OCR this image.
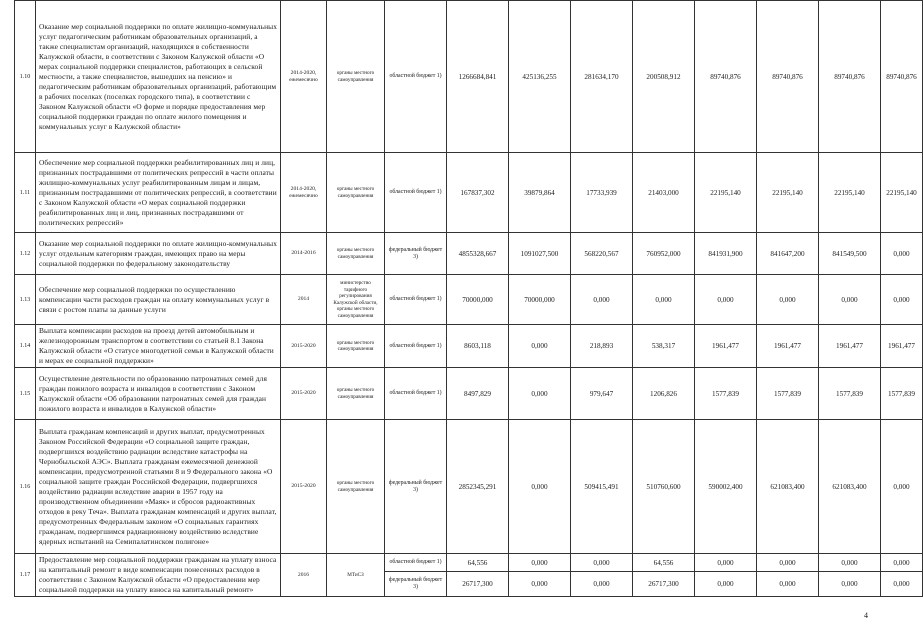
1.10	Оказание мер социальной поддержки по оплате жилищно-коммунальных услуг педагогическим работникам образовательных организаций, а также специалистам организаций, находящихся в собственности Калужской области, в соответствии с Законом Калужской области «О мерах социальной поддержки специалистов, работающих в сельской местности, а также специалистов, вышедших на пенсию» и педагогическим работникам образовательных организаций, работающим в рабочих поселках (поселках городского типа), в соответствии с Законом Калужской области «О форме и порядке предоставления мер социальной поддержки граждан по оплате жилого помещения и коммунальных услуг в Калужской области»	2014-2020, ежемесячно	органы местного самоуправления	областной бюджет 1)	1266684,841	425136,255	281634,170	200508,912	89740,876	89740,876	89740,876	89740,876
1.11	Обеспечение мер социальной поддержки реабилитированных лиц и лиц, признанных пострадавшими от политических репрессий в части оплаты жилищно-коммунальных услуг реабилитированным лицам и лицам, признанным пострадавшими от политических репрессий, в соответствии с Законом Калужской области «О мерах социальной поддержки реабилитированных лиц и лиц, признанных пострадавшими от политических репрессий»	2014-2020, ежемесячно	органы местного самоуправления	областной бюджет 1)	167837,302	39879,864	17733,939	21403,000	22195,140	22195,140	22195,140	22195,140
1.12	Оказание мер социальной поддержки по оплате жилищно-коммунальных услуг отдельным категориям граждан, имеющих право на меры социальной поддержки по федеральному законодательству	2014-2016	органы местного самоуправления	федеральный бюджет 3)	4855328,667	1091027,500	568220,567	760952,000	841931,900	841647,200	841549,500	0,000
1.13	Обеспечение мер социальной поддержки по осуществлению компенсации части расходов граждан на оплату коммунальных услуг в связи с ростом платы за данные услуги	2014	министерство тарифного регулирования Калужской области, органы местного самоуправления	областной бюджет 1)	70000,000	70000,000	0,000	0,000	0,000	0,000	0,000	0,000
1.14	Выплата компенсации расходов на проезд детей автомобильным и железнодорожным транспортом в соответствии со статьей 8.1 Закона Калужской области «О статусе многодетной семьи в Калужской области и мерах ее социальной поддержки»	2015-2020	органы местного самоуправления	областной бюджет 1)	8603,118	0,000	218,893	538,317	1961,477	1961,477	1961,477	1961,477
1.15	Осуществление деятельности по образованию патронатных семей для граждан пожилого возраста и инвалидов в соответствии с Законом Калужской области «Об образовании патронатных семей для граждан пожилого возраста и инвалидов в Калужской области»	2015-2020	органы местного самоуправления	областной бюджет 1)	8497,829	0,000	979,647	1206,826	1577,839	1577,839	1577,839	1577,839
1.16	Выплата гражданам компенсаций и других выплат, предусмотренных Законом Российской Федерации «О социальной защите граждан, подвергшихся воздействию радиации вследствие катастрофы на Чернобыльской АЭС». Выплата гражданам ежемесячной денежной компенсации, предусмотренной статьями 8 и 9 Федерального закона «О социальной защите граждан Российской Федерации, подвергшихся воздействию радиации вследствие аварии в 1957 году на производственном объединении «Маяк» и сбросов радиоактивных отходов в реку Теча». Выплата гражданам компенсаций и других выплат, предусмотренных Федеральным законом «О социальных гарантиях гражданам, подвергшимся радиационному воздействию вследствие ядерных испытаний на Семипалатинском полигоне»	2015-2020	органы местного самоуправления	федеральный бюджет 3)	2852345,291	0,000	509415,491	510760,600	590002,400	621083,400	621083,400	0,000
1.17	Предоставление мер социальной поддержки гражданам на уплату взноса на капитальный ремонт в виде компенсации понесенных расходов в соответствии с Законом Калужской области «О предоставлении мер социальной поддержки на уплату взноса на капитальный ремонт»	2016	МТиСЗ	областной бюджет 1)	64,556	0,000	0,000	64,556	0,000	0,000	0,000	0,000
				федеральный бюджет 3)	26717,300	0,000	0,000	26717,300	0,000	0,000	0,000	0,000
4
